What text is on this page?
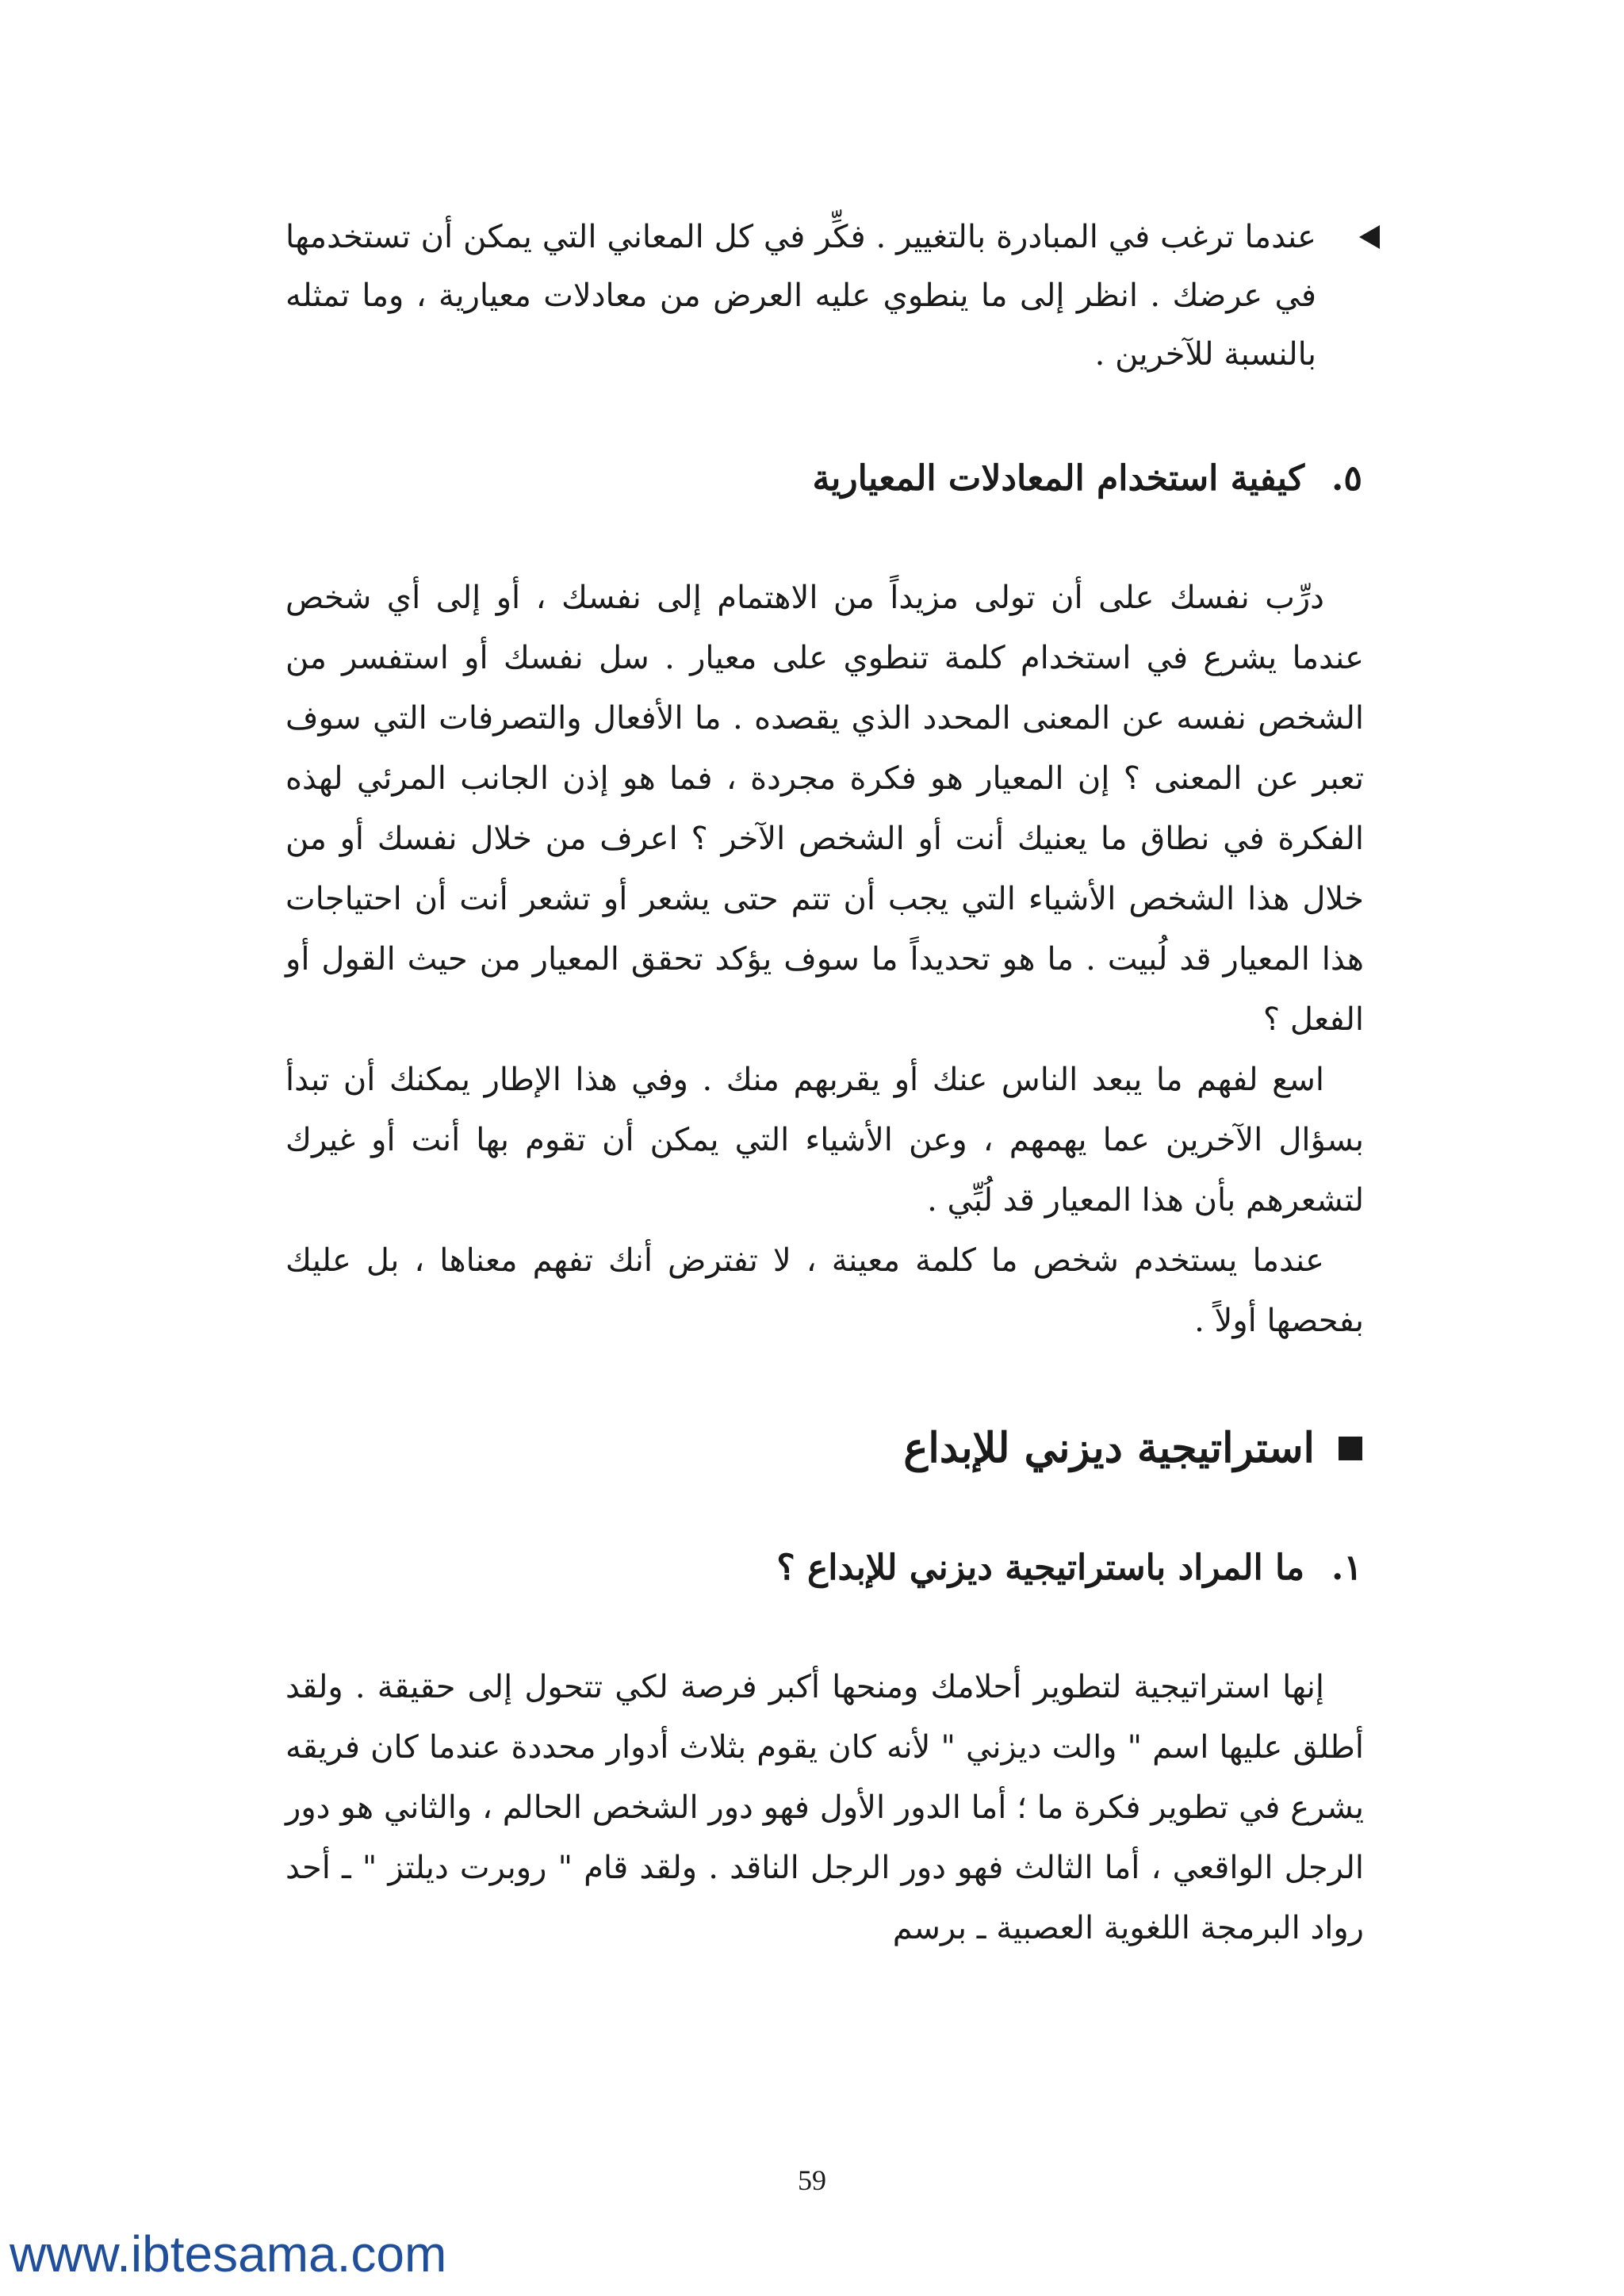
عندما ترغب في المبادرة بالتغيير . فكِّر في كل المعاني التي يمكن أن تستخدمها في عرضك . انظر إلى ما ينطوي عليه العرض من معادلات معيارية ، وما تمثله بالنسبة للآخرين .

٥.كيفية استخدام المعادلات المعيارية

درِّب نفسك على أن تولى مزيداً من الاهتمام إلى نفسك ، أو إلى أي شخص عندما يشرع في استخدام كلمة تنطوي على معيار . سل نفسك أو استفسر من الشخص نفسه عن المعنى المحدد الذي يقصده . ما الأفعال والتصرفات التي سوف تعبر عن المعنى ؟ إن المعيار هو فكرة مجردة ، فما هو إذن الجانب المرئي لهذه الفكرة في نطاق ما يعنيك أنت أو الشخص الآخر ؟ اعرف من خلال نفسك أو من خلال هذا الشخص الأشياء التي يجب أن تتم حتى يشعر أو تشعر أنت أن احتياجات هذا المعيار قد لُبيت . ما هو تحديداً ما سوف يؤكد تحقق المعيار من حيث القول أو الفعل ؟

اسع لفهم ما يبعد الناس عنك أو يقربهم منك . وفي هذا الإطار يمكنك أن تبدأ بسؤال الآخرين عما يهمهم ، وعن الأشياء التي يمكن أن تقوم بها أنت أو غيرك لتشعرهم بأن هذا المعيار قد لُبِّي .

عندما يستخدم شخص ما كلمة معينة ، لا تفترض أنك تفهم معناها ، بل عليك بفحصها أولاً .

استراتيجية ديزني للإبداع
١.ما المراد باستراتيجية ديزني للإبداع ؟

إنها استراتيجية لتطوير أحلامك ومنحها أكبر فرصة لكي تتحول إلى حقيقة . ولقد أطلق عليها اسم " والت ديزني " لأنه كان يقوم بثلاث أدوار محددة عندما كان فريقه يشرع في تطوير فكرة ما ؛ أما الدور الأول فهو دور الشخص الحالم ، والثاني هو دور الرجل الواقعي ، أما الثالث فهو دور الرجل الناقد . ولقد قام " روبرت ديلتز " ـ أحد رواد البرمجة اللغوية العصبية ـ برسم

59
www.ibtesama.com
